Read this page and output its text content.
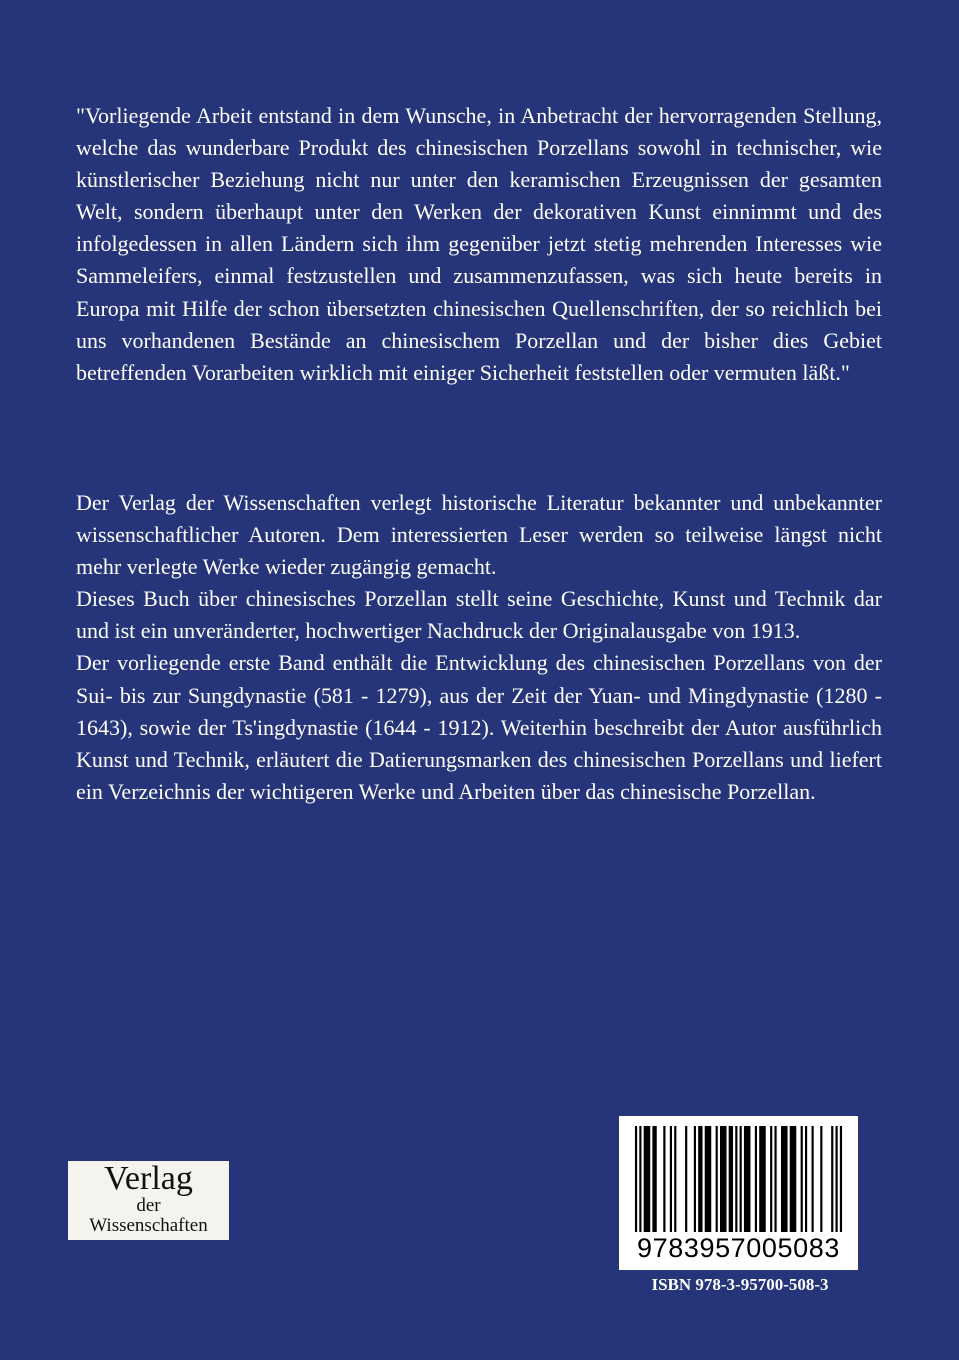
"Vorliegende Arbeit entstand in dem Wunsche, in Anbetracht der hervorragenden Stellung, welche das wunderbare Produkt des chinesischen Porzellans sowohl in technischer, wie künstlerischer Beziehung nicht nur unter den keramischen Erzeugnissen der gesamten Welt, sondern überhaupt unter den Werken der dekorativen Kunst einnimmt und des infolgedessen in allen Ländern sich ihm gegenüber jetzt stetig mehrenden Interesses wie Sammeleifers, einmal festzustellen und zusammenzufassen, was sich heute bereits in Europa mit Hilfe der schon übersetzten chinesischen Quellenschriften, der so reichlich bei uns vorhandenen Bestände an chinesischem Porzellan und der bisher dies Gebiet betreffenden Vorarbeiten wirklich mit einiger Sicherheit feststellen oder vermuten läßt."

Der Verlag der Wissenschaften verlegt historische Literatur bekannter und unbekannter wissenschaftlicher Autoren. Dem interessierten Leser werden so teilweise längst nicht mehr verlegte Werke wieder zugängig gemacht.

Dieses Buch über chinesisches Porzellan stellt seine Geschichte, Kunst und Technik dar und ist ein unveränderter, hochwertiger Nachdruck der Originalausgabe von 1913.

Der vorliegende erste Band enthält die Entwicklung des chinesischen Porzellans von der Sui- bis zur Sungdynastie (581 - 1279), aus der Zeit der Yuan- und Mingdynastie (1280 - 1643), sowie der Ts'ingdynastie (1644 - 1912). Weiterhin beschreibt der Autor ausführlich Kunst und Technik, erläutert die Datierungsmarken des chinesischen Porzellans und liefert ein Verzeichnis der wichtigeren Werke und Arbeiten über das chinesische Porzellan.

Verlag
der
Wissenschaften
9783957005083
ISBN 978-3-95700-508-3
